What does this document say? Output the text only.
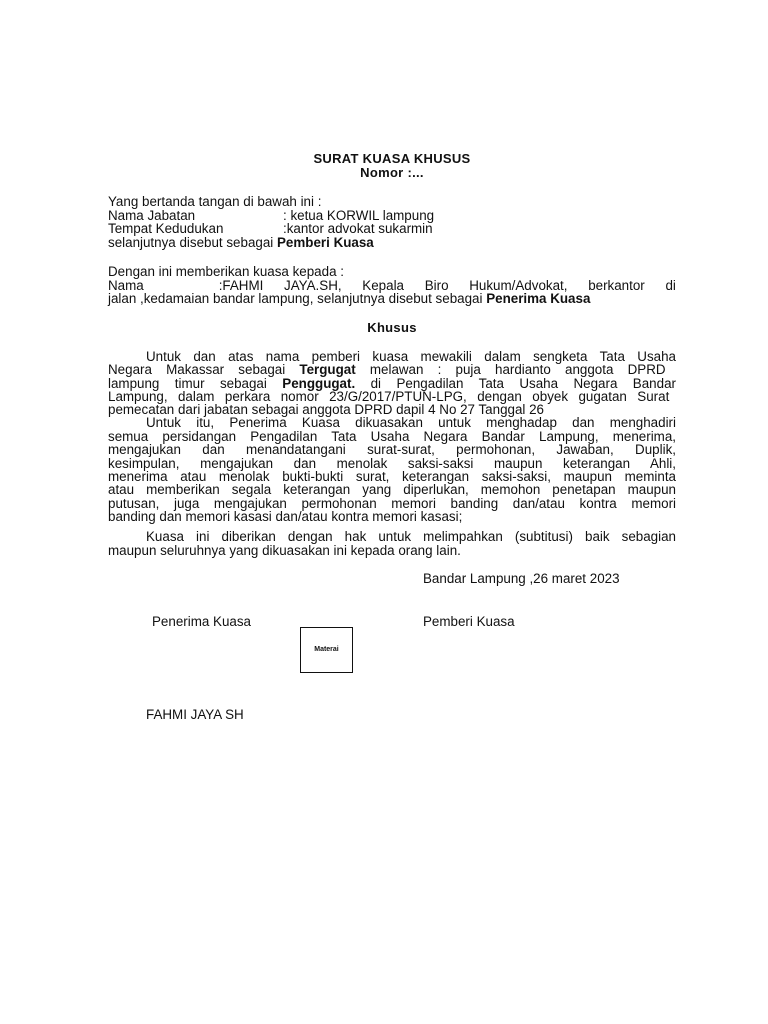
SURAT KUASA KHUSUS
Nomor :...
Yang bertanda tangan di bawah ini :
Nama Jabatan	: ketua KORWIL lampung
Tempat Kedudukan	:kantor advokat sukarmin
selanjutnya disebut sebagai Pemberi Kuasa
Dengan ini memberikan kuasa kepada :
Nama	:FAHMI JAYA.SH, Kepala Biro Hukum/Advokat, berkantor di
jalan ,kedamaian bandar lampung, selanjutnya disebut sebagai Penerima Kuasa
Khusus
Untuk dan atas nama pemberi kuasa mewakili dalam sengketa Tata Usaha
Negara Makassar sebagai Tergugat melawan : puja hardianto anggota DPRD
lampung timur sebagai Penggugat. di Pengadilan Tata Usaha Negara Bandar
Lampung, dalam perkara nomor 23/G/2017/PTUN-LPG, dengan obyek gugatan Surat
pemecatan dari jabatan sebagai anggota DPRD dapil 4 No 27 Tanggal 26
Untuk itu, Penerima Kuasa dikuasakan untuk menghadap dan menghadiri
semua persidangan Pengadilan Tata Usaha Negara Bandar Lampung, menerima,
mengajukan dan menandatangani surat-surat, permohonan, Jawaban, Duplik,
kesimpulan, mengajukan dan menolak saksi-saksi maupun keterangan Ahli,
menerima atau menolak bukti-bukti surat, keterangan saksi-saksi, maupun meminta
atau memberikan segala keterangan yang diperlukan, memohon penetapan maupun
putusan, juga mengajukan permohonan memori banding dan/atau kontra memori
banding dan memori kasasi dan/atau kontra memori kasasi;
Kuasa ini diberikan dengan hak untuk melimpahkan (subtitusi) baik sebagian
maupun seluruhnya yang dikuasakan ini kepada orang lain.
Bandar Lampung ,26 maret 2023
Penerima Kuasa	Pemberi Kuasa
Materai
FAHMI JAYA SH
